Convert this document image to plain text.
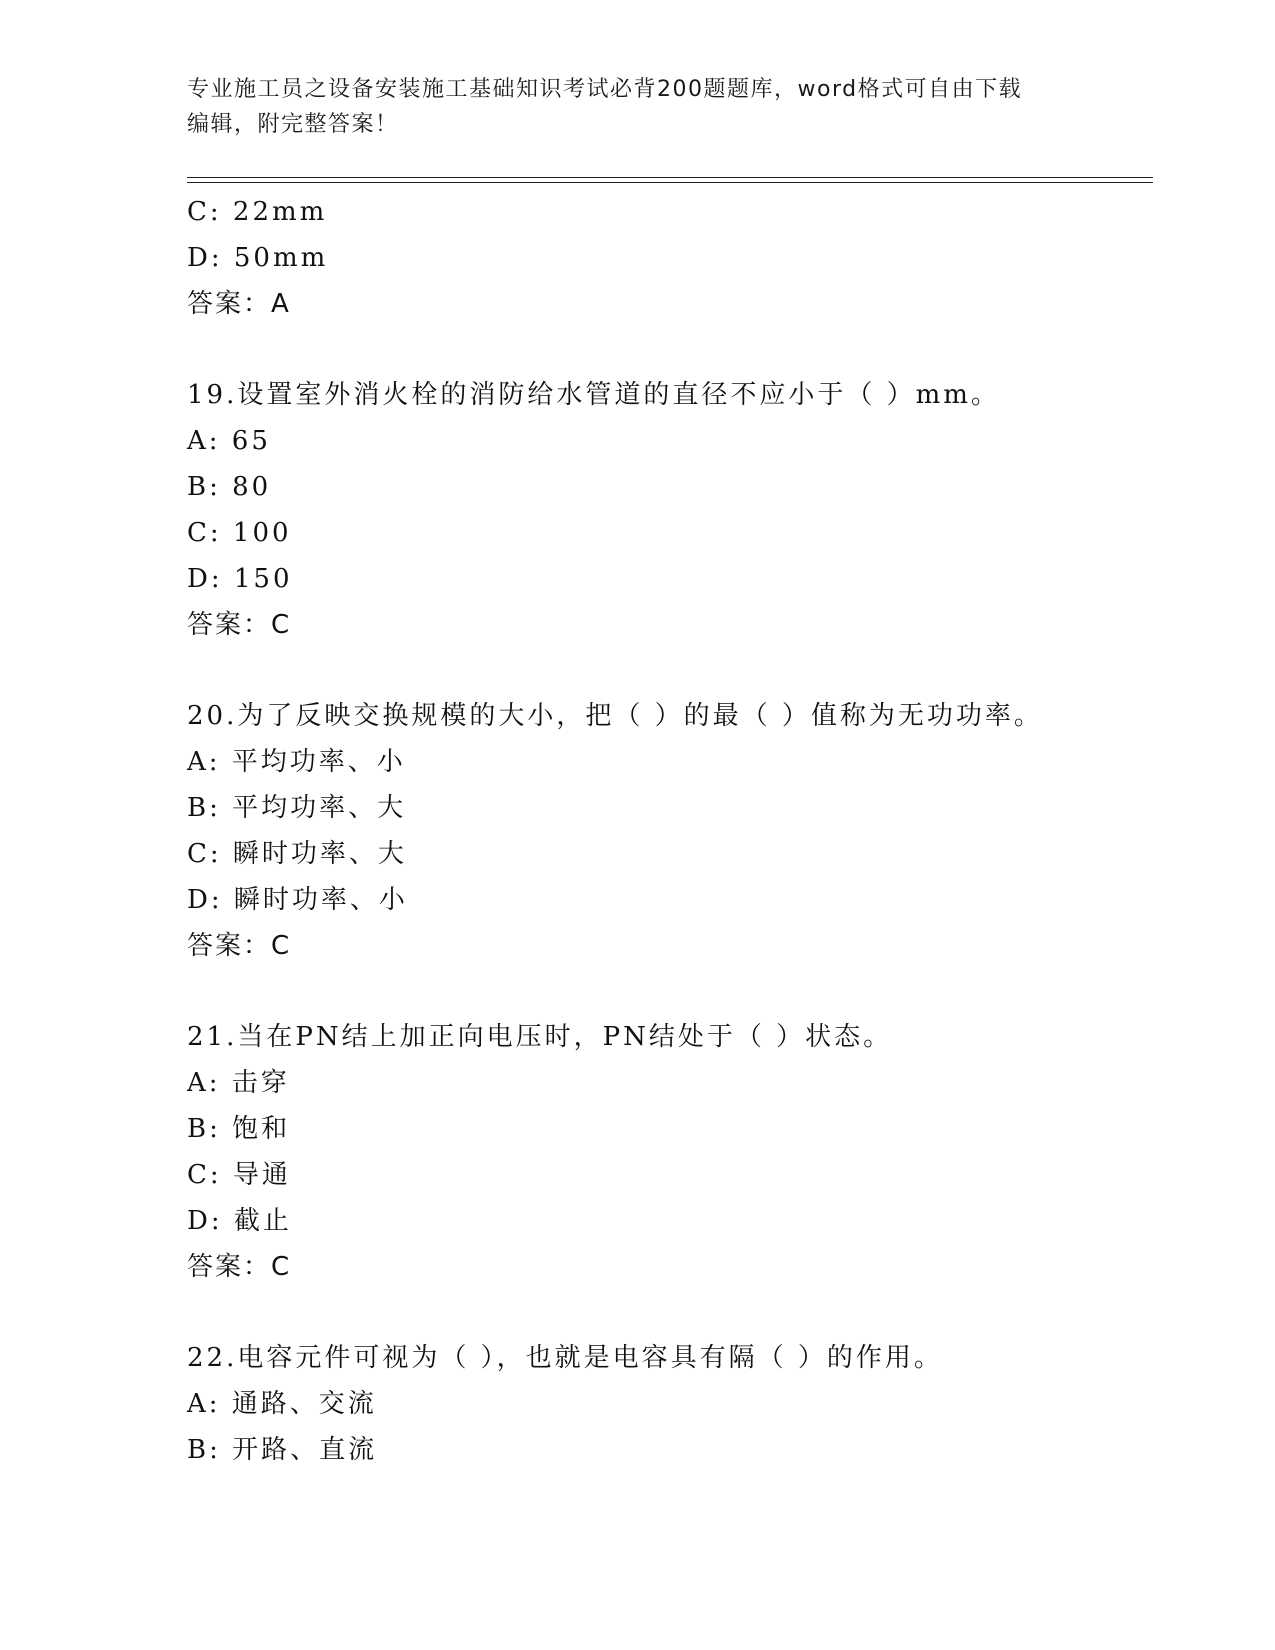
专业施工员之设备安装施工基础知识考试必背200题题库，word格式可自由下载
编辑，附完整答案！
C: 22mm
D: 50mm
答案：A
19.设置室外消火栓的消防给水管道的直径不应小于（ ）mm。
A: 65
B: 80
C: 100
D: 150
答案：C
20.为了反映交换规模的大小，把（ ）的最（ ）值称为无功功率。
A: 平均功率、小
B: 平均功率、大
C: 瞬时功率、大
D: 瞬时功率、小
答案：C
21.当在PN结上加正向电压时，PN结处于（ ）状态。
A: 击穿
B: 饱和
C: 导通
D: 截止
答案：C
22.电容元件可视为（ ），也就是电容具有隔（ ）的作用。
A: 通路、交流
B: 开路、直流
